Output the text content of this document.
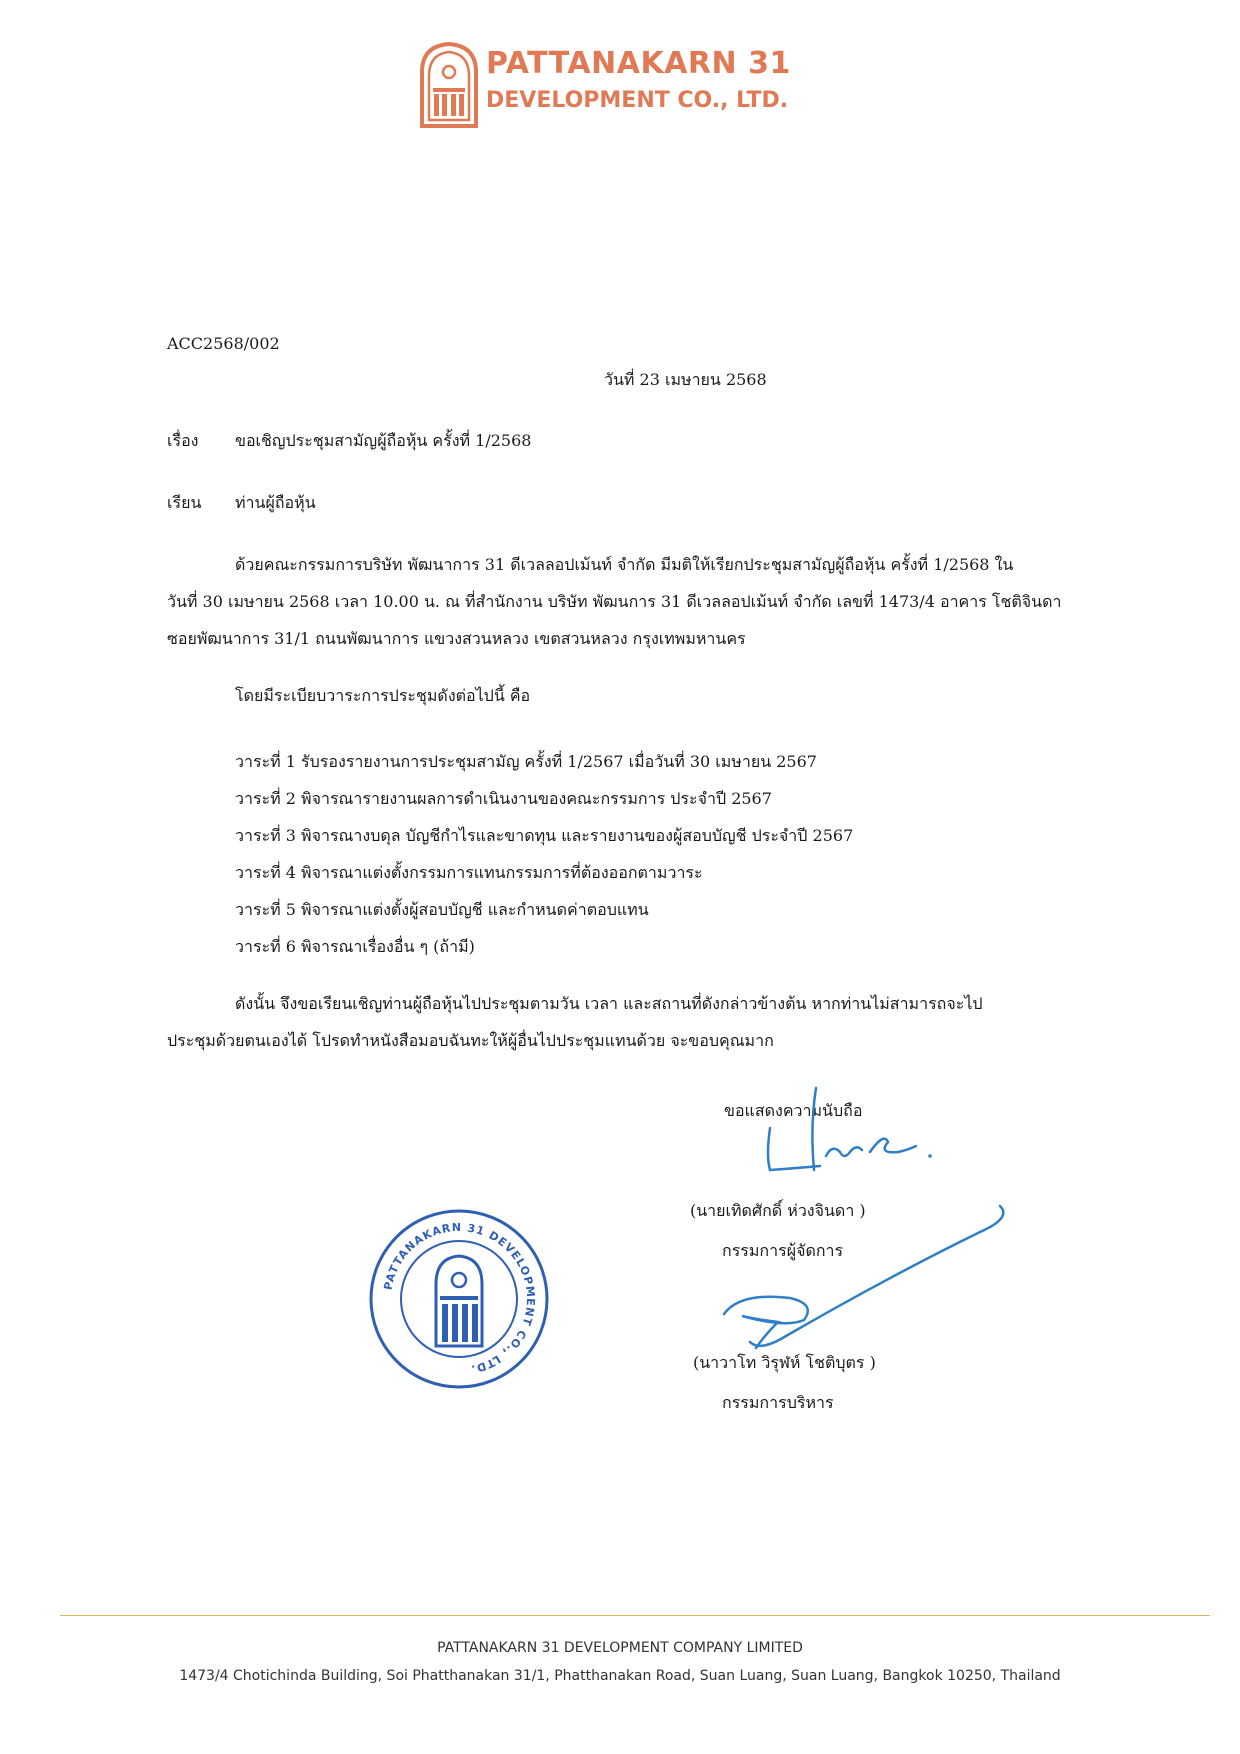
PATTANAKARN 31
DEVELOPMENT CO., LTD.
ACC2568/002
วันที่ 23 เมษายน 2568
เรื่อง ขอเชิญประชุมสามัญผู้ถือหุ้น ครั้งที่ 1/2568
เรียน ท่านผู้ถือหุ้น
ด้วยคณะกรรมการบริษัท พัฒนาการ 31 ดีเวลลอปเม้นท์ จำกัด มีมติให้เรียกประชุมสามัญผู้ถือหุ้น ครั้งที่ 1/2568 ใน
วันที่ 30 เมษายน 2568 เวลา 10.00 น. ณ ที่สำนักงาน บริษัท พัฒนการ 31 ดีเวลลอปเม้นท์ จำกัด เลขที่ 1473/4 อาคาร โชติจินดา
ซอยพัฒนาการ 31/1 ถนนพัฒนาการ แขวงสวนหลวง เขตสวนหลวง กรุงเทพมหานคร
โดยมีระเบียบวาระการประชุมดังต่อไปนี้ คือ
วาระที่ 1 รับรองรายงานการประชุมสามัญ ครั้งที่ 1/2567 เมื่อวันที่ 30 เมษายน 2567
วาระที่ 2 พิจารณารายงานผลการดำเนินงานของคณะกรรมการ ประจำปี 2567
วาระที่ 3 พิจารณางบดุล บัญชีกำไรและขาดทุน และรายงานของผู้สอบบัญชี ประจำปี 2567
วาระที่ 4 พิจารณาแต่งตั้งกรรมการแทนกรรมการที่ต้องออกตามวาระ
วาระที่ 5 พิจารณาแต่งตั้งผู้สอบบัญชี และกำหนดค่าตอบแทน
วาระที่ 6 พิจารณาเรื่องอื่น ๆ (ถ้ามี)
ดังนั้น จึงขอเรียนเชิญท่านผู้ถือหุ้นไปประชุมตามวัน เวลา และสถานที่ดังกล่าวข้างต้น หากท่านไม่สามารถจะไป
ประชุมด้วยตนเองได้ โปรดทำหนังสือมอบฉันทะให้ผู้อื่นไปประชุมแทนด้วย จะขอบคุณมาก
ขอแสดงความนับถือ
(นายเทิดศักดิ์ ห่วงจินดา )
กรรมการผู้จัดการ
(นาวาโท วิรุฬห์ โชติบุตร )
กรรมการบริหาร
PATTANAKARN 31 DEVELOPMENT CO., LTD.
PATTANAKARN 31 DEVELOPMENT COMPANY LIMITED
1473/4 Chotichinda Building, Soi Phatthanakan 31/1, Phatthanakan Road, Suan Luang, Suan Luang, Bangkok 10250, Thailand
